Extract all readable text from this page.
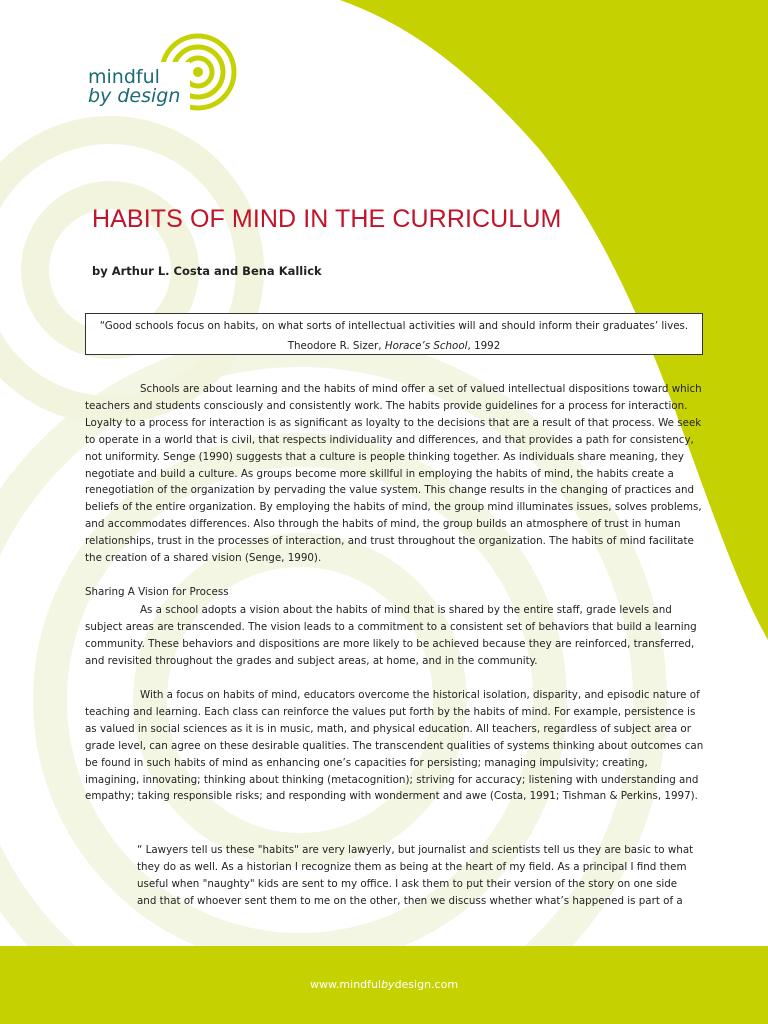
mindful
by design
HABITS OF MIND IN THE CURRICULUM
by Arthur L. Costa and Bena Kallick
“Good schools focus on habits, on what sorts of intellectual activities will and should inform their graduates’ lives.
Theodore R. Sizer, Horace’s School, 1992

Schools are about learning and the habits of mind offer a set of valued intellectual dispositions toward which teachers and students consciously and consistently work. The habits provide guidelines for a process for interaction. Loyalty to a process for interaction is as significant as loyalty to the decisions that are a result of that process. We seek to operate in a world that is civil, that respects individuality and differences, and that provides a path for consistency, not uniformity. Senge (1990) suggests that a culture is people thinking together. As individuals share meaning, they negotiate and build a culture. As groups become more skillful in employing the habits of mind, the habits create a renegotiation of the organization by pervading the value system. This change results in the changing of practices and beliefs of the entire organization. By employing the habits of mind, the group mind illuminates issues, solves problems, and accommodates differences. Also through the habits of mind, the group builds an atmosphere of trust in human relationships, trust in the processes of interaction, and trust throughout the organization. The habits of mind facilitate the creation of a shared vision (Senge, 1990).

Sharing A Vision for Process

As a school adopts a vision about the habits of mind that is shared by the entire staff, grade levels and subject areas are transcended. The vision leads to a commitment to a consistent set of behaviors that build a learning community. These behaviors and dispositions are more likely to be achieved because they are reinforced, transferred, and revisited throughout the grades and subject areas, at home, and in the community.

With a focus on habits of mind, educators overcome the historical isolation, disparity, and episodic nature of teaching and learning. Each class can reinforce the values put forth by the habits of mind. For example, persistence is as valued in social sciences as it is in music, math, and physical education. All teachers, regardless of subject area or grade level, can agree on these desirable qualities. The transcendent qualities of systems thinking about outcomes can be found in such habits of mind as enhancing one’s capacities for persisting; managing impulsivity; creating, imagining, innovating; thinking about thinking (metacognition); striving for accuracy; listening with understanding and empathy; taking responsible risks; and responding with wonderment and awe (Costa, 1991; Tishman & Perkins, 1997).

“ Lawyers tell us these "habits" are very lawyerly, but journalist and scientists tell us they are basic to what they do as well. As a historian I recognize them as being at the heart of my field. As a principal I find them useful when "naughty" kids are sent to my office. I ask them to put their version of the story on one side and that of whoever sent them to me on the other, then we discuss whether what’s happened is part of a

www.mindfulbydesign.com
